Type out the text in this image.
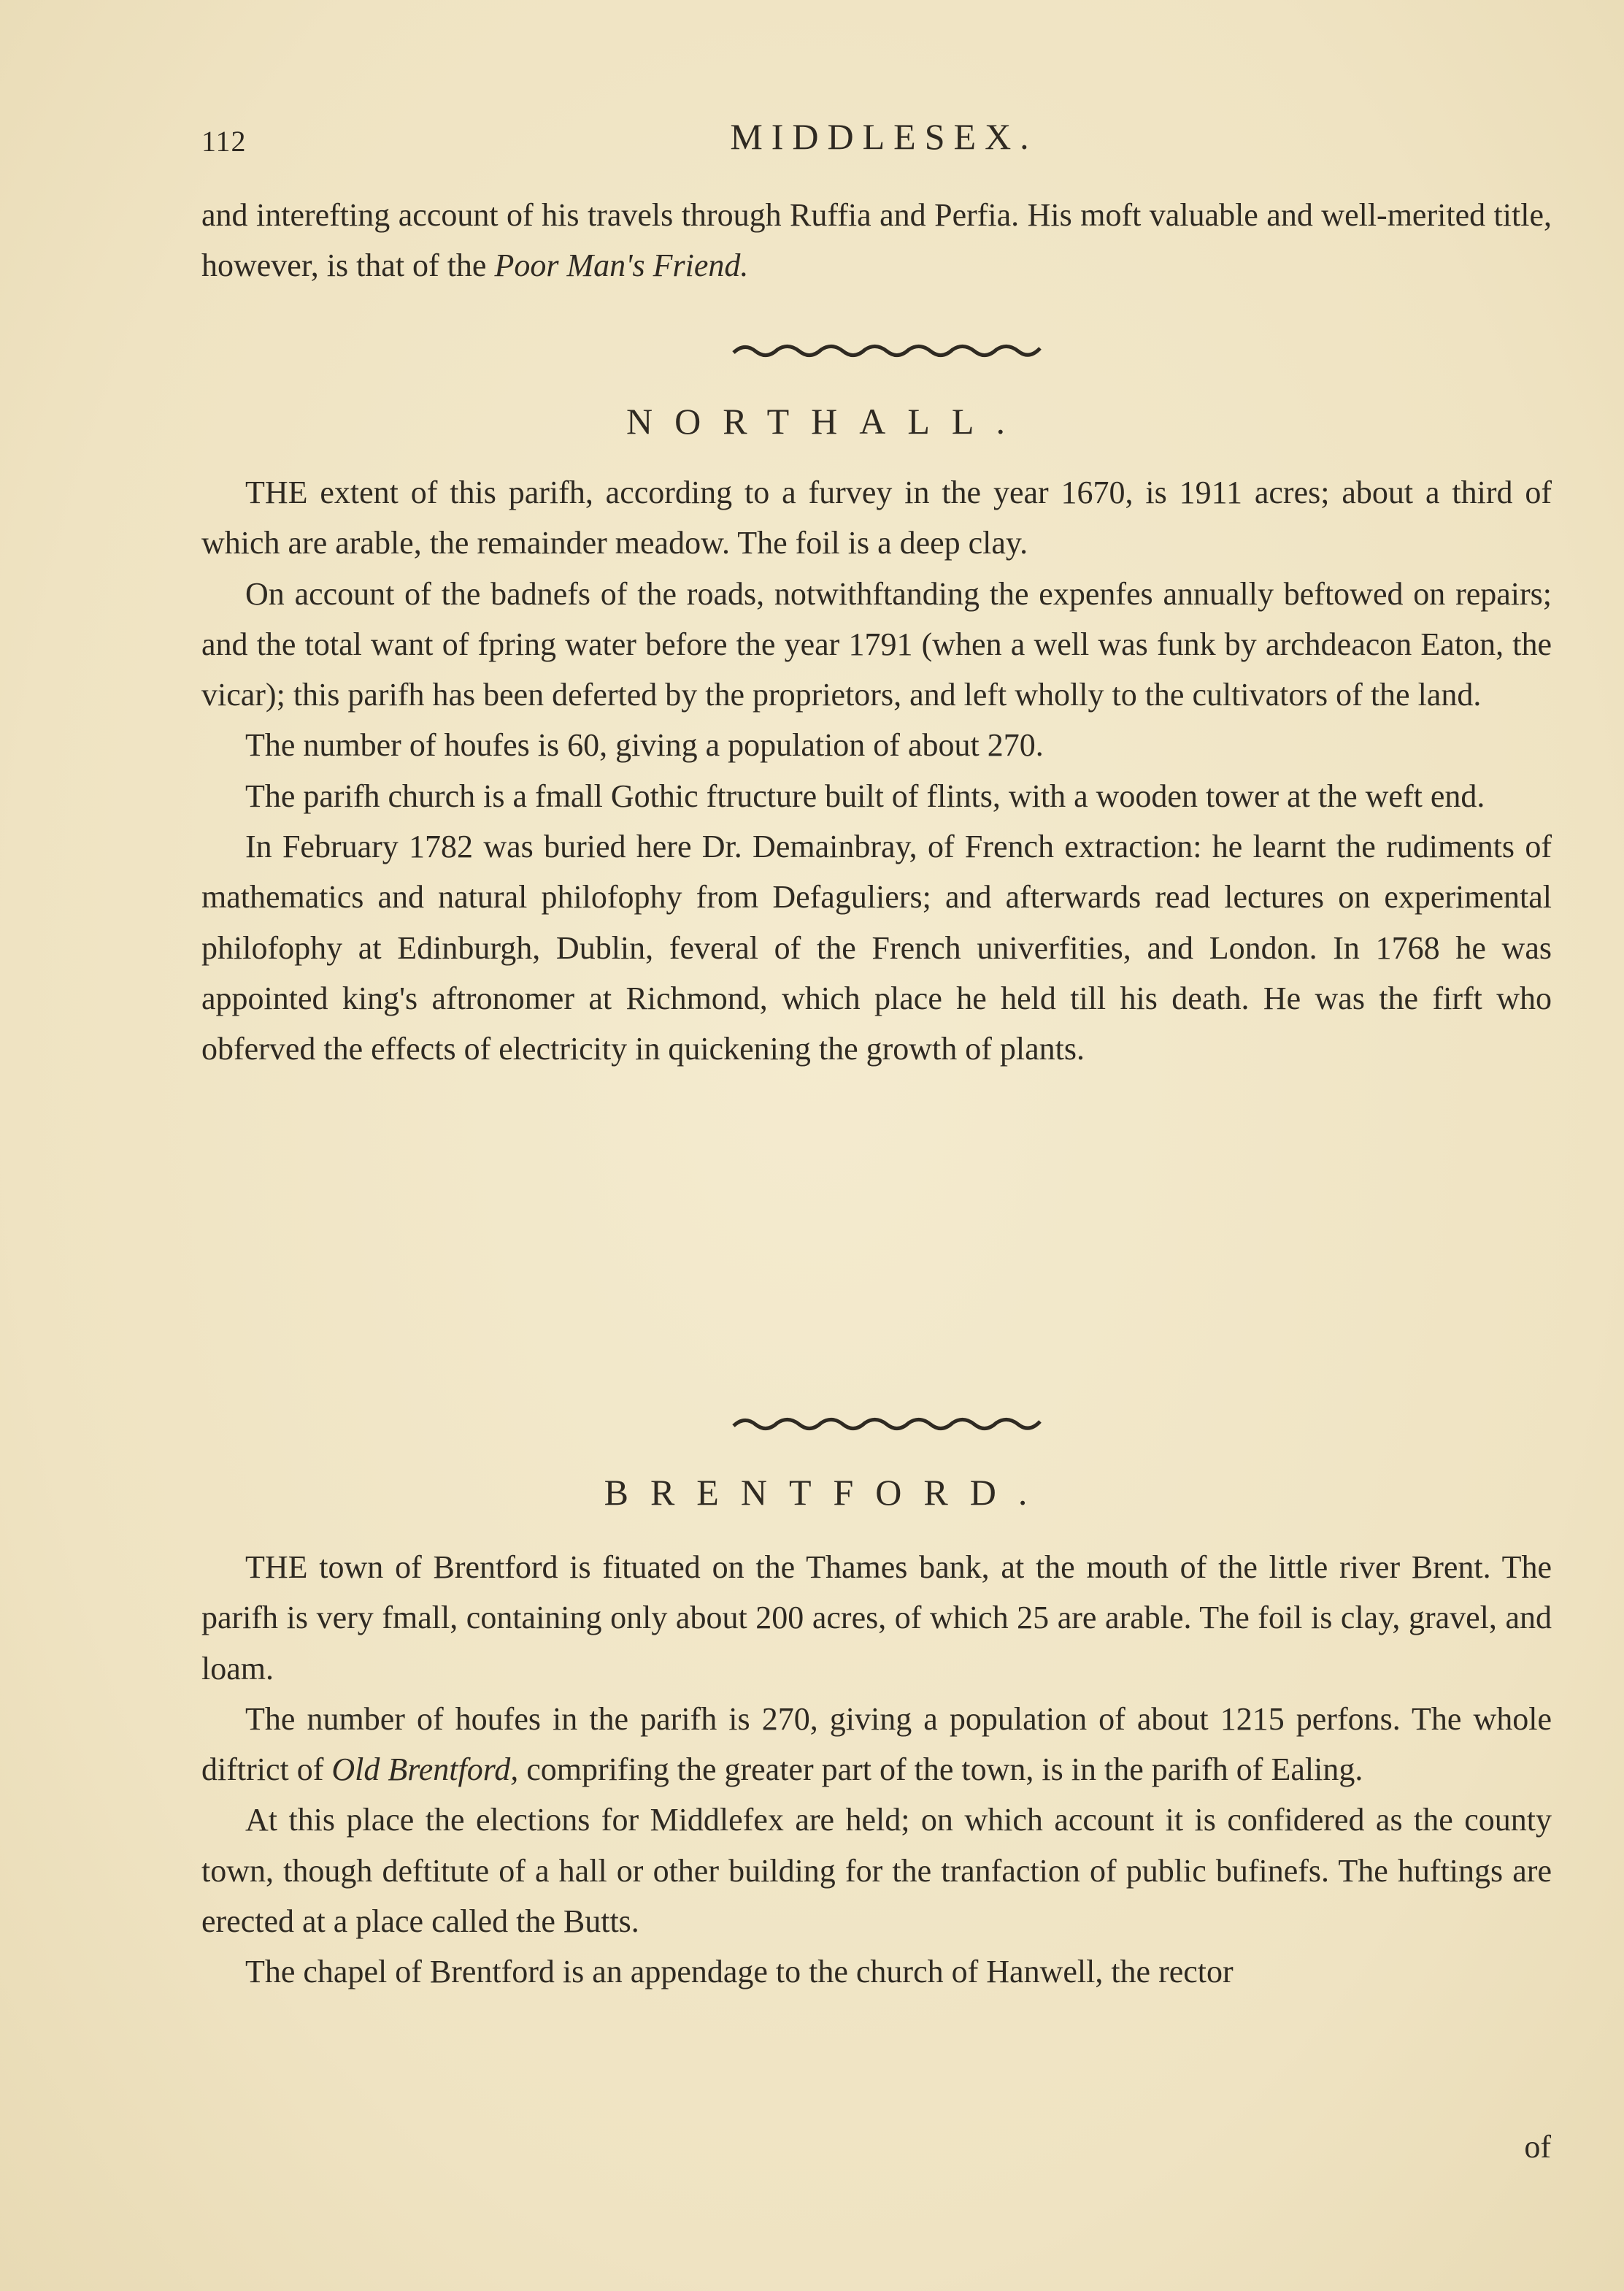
112	MIDDLESEX.

and interefting account of his travels through Ruffia and Perfia. His moft valuable and well-merited title, however, is that of the Poor Man's Friend.

NORTHALL.

THE extent of this parifh, according to a furvey in the year 1670, is 1911 acres; about a third of which are arable, the remainder meadow. The foil is a deep clay.

On account of the badnefs of the roads, notwithftanding the expenfes annually beftowed on repairs; and the total want of fpring water before the year 1791 (when a well was funk by archdeacon Eaton, the vicar); this parifh has been deferted by the proprietors, and left wholly to the cultivators of the land.

The number of houfes is 60, giving a population of about 270.

The parifh church is a fmall Gothic ftructure built of flints, with a wooden tower at the weft end.

In February 1782 was buried here Dr. Demainbray, of French extraction: he learnt the rudiments of mathematics and natural philofophy from Defaguliers; and afterwards read lectures on experimental philofophy at Edinburgh, Dublin, feveral of the French univerfities, and London. In 1768 he was appointed king's aftronomer at Richmond, which place he held till his death. He was the firft who obferved the effects of electricity in quickening the growth of plants.

BRENTFORD.

THE town of Brentford is fituated on the Thames bank, at the mouth of the little river Brent. The parifh is very fmall, containing only about 200 acres, of which 25 are arable. The foil is clay, gravel, and loam.

The number of houfes in the parifh is 270, giving a population of about 1215 perfons. The whole diftrict of Old Brentford, comprifing the greater part of the town, is in the parifh of Ealing.

At this place the elections for Middlefex are held; on which account it is confidered as the county town, though deftitute of a hall or other building for the tranfaction of public bufinefs. The huftings are erected at a place called the Butts.

The chapel of Brentford is an appendage to the church of Hanwell, the rector

of
